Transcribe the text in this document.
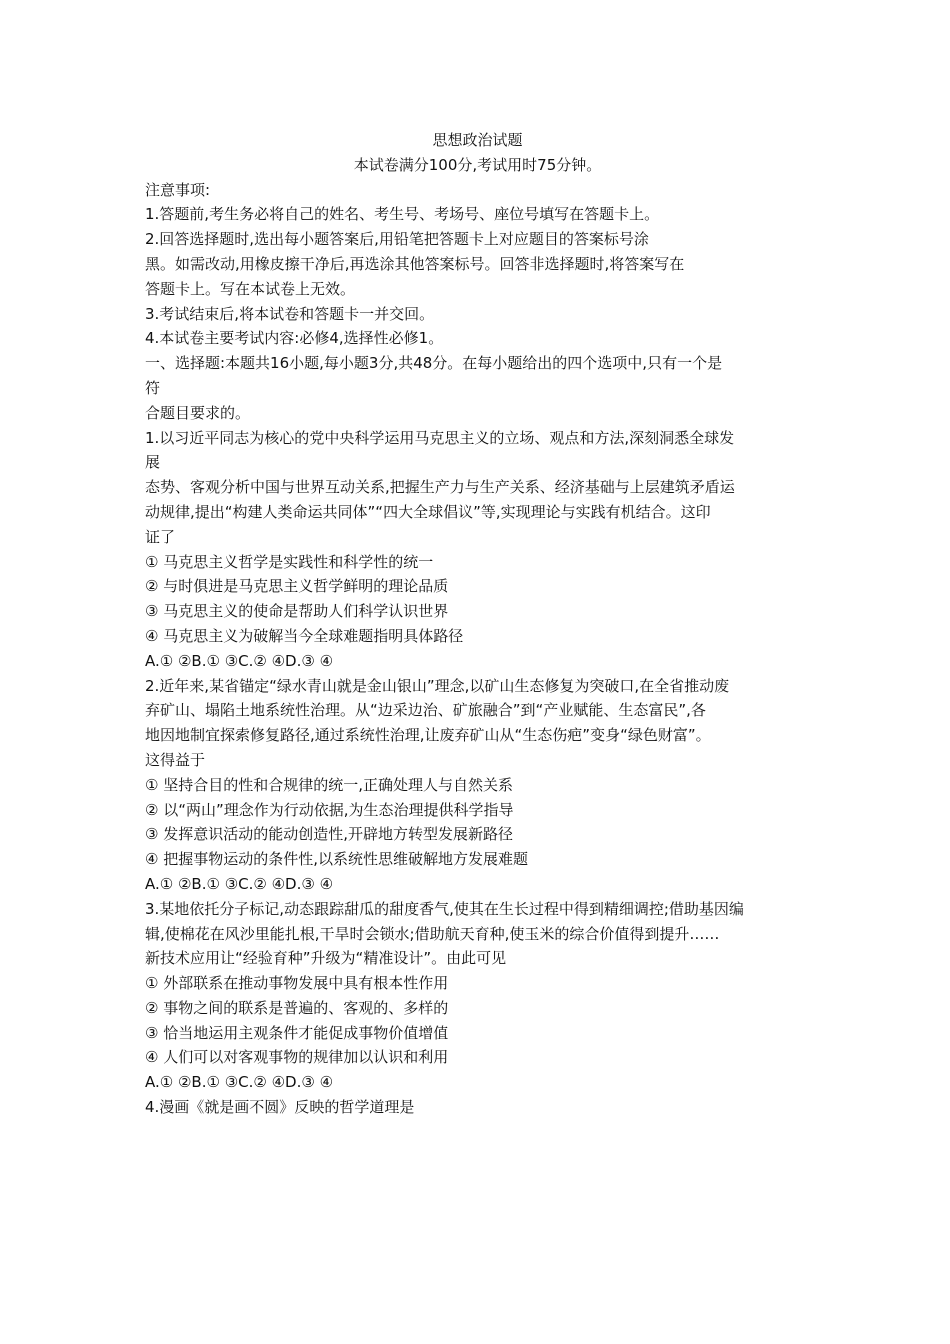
思想政治试题
本试卷满分100分,考试用时75分钟。
注意事项:
1.答题前,考生务必将自己的姓名、考生号、考场号、座位号填写在答题卡上。
2.回答选择题时,选出每小题答案后,用铅笔把答题卡上对应题目的答案标号涂
黑。如需改动,用橡皮擦干净后,再选涂其他答案标号。回答非选择题时,将答案写在
答题卡上。写在本试卷上无效。
3.考试结束后,将本试卷和答题卡一并交回。
4.本试卷主要考试内容:必修4,选择性必修1。
一、选择题:本题共16小题,每小题3分,共48分。在每小题给出的四个选项中,只有一个是
符
合题目要求的。
1.以习近平同志为核心的党中央科学运用马克思主义的立场、观点和方法,深刻洞悉全球发
展
态势、客观分析中国与世界互动关系,把握生产力与生产关系、经济基础与上层建筑矛盾运
动规律,提出“构建人类命运共同体”“四大全球倡议”等,实现理论与实践有机结合。这印
证了
① 马克思主义哲学是实践性和科学性的统一
② 与时俱进是马克思主义哲学鲜明的理论品质
③ 马克思主义的使命是帮助人们科学认识世界
④ 马克思主义为破解当今全球难题指明具体路径
A.① ②B.① ③C.② ④D.③ ④
2.近年来,某省锚定“绿水青山就是金山银山”理念,以矿山生态修复为突破口,在全省推动废
弃矿山、塌陷土地系统性治理。从“边采边治、矿旅融合”到“产业赋能、生态富民”,各
地因地制宜探索修复路径,通过系统性治理,让废弃矿山从“生态伤疤”变身“绿色财富”。
这得益于
① 坚持合目的性和合规律的统一,正确处理人与自然关系
② 以“两山”理念作为行动依据,为生态治理提供科学指导
③ 发挥意识活动的能动创造性,开辟地方转型发展新路径
④ 把握事物运动的条件性,以系统性思维破解地方发展难题
A.① ②B.① ③C.② ④D.③ ④
3.某地依托分子标记,动态跟踪甜瓜的甜度香气,使其在生长过程中得到精细调控;借助基因编
辑,使棉花在风沙里能扎根,干旱时会锁水;借助航天育种,使玉米的综合价值得到提升……
新技术应用让“经验育种”升级为“精准设计”。由此可见
① 外部联系在推动事物发展中具有根本性作用
② 事物之间的联系是普遍的、客观的、多样的
③ 恰当地运用主观条件才能促成事物价值增值
④ 人们可以对客观事物的规律加以认识和利用
A.① ②B.① ③C.② ④D.③ ④
4.漫画《就是画不圆》反映的哲学道理是
